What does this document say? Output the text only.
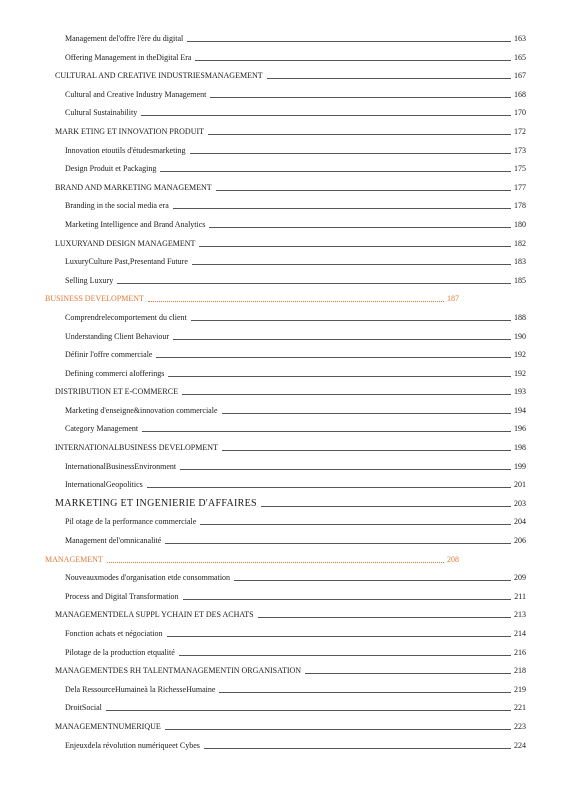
Management del'offre l'ère du digital	163
Offering Management in theDigital Era	165
CULTURAL AND CREATIVE INDUSTRIESMANAGEMENT	167
Cultural and Creative Industry Management	168
Cultural Sustainability	170
MARK ETING ET INNOVATION PRODUIT	172
Innovation etoutils d'étudesmarketing	173
Design Produit et Packaging	175
BRAND AND MARKETING MANAGEMENT	177
Branding in the social media era	178
Marketing Intelligence and Brand Analytics	180
LUXURYAND DESIGN MANAGEMENT	182
LuxuryCulture Past,Presentand Future	183
Selling Luxury	185
BUSINESS DEVELOPMENT	187
Comprendrelecomportement du client	188
Understanding Client Behaviour	190
Définir l'offre commerciale	192
Defining commerci aIofferings	192
DISTRIBUTION ET E-COMMERCE	193
Marketing d'enseigne&innovation commerciale	194
Category Management	196
INTERNATIONALBUSINESS DEVELOPMENT	198
InternationalBusinessEnvironment	199
InternationalGeopolitics	201
MARKETING ET INGENIERIE D'AFFAIRES	203
Pil otage de la performance commerciale	204
Management del'omnicanalité	206
MANAGEMENT	208
Nouveauxmodes d'organisation etde consommation	209
Process and Digital Transformation	211
MANAGEMENTDELA SUPPL YCHAIN ET DES ACHATS	213
Fonction achats et négociation	214
Pilotage de la production etqualité	216
MANAGEMENTDES RH TALENTMANAGEMENTIN ORGANISATION	218
Dela RessourceHumaineà la RichesseHumaine	219
DroitSocial	221
MANAGEMENTNUMERIQUE	223
Enjeuxdela révolution numériqueet Cybes	224
